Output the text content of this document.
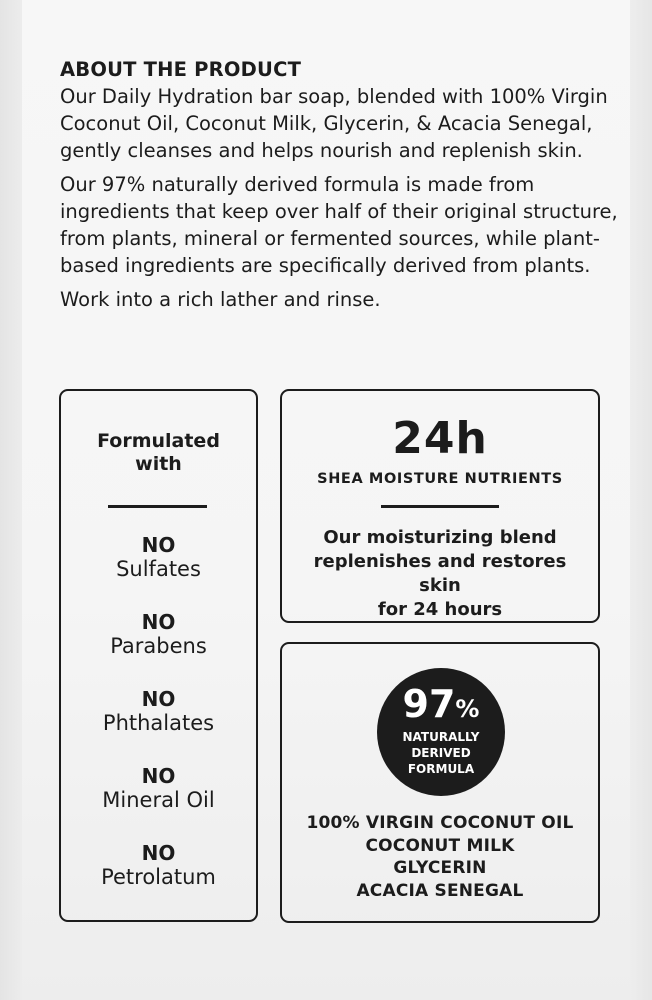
ABOUT THE PRODUCT

Our Daily Hydration bar soap, blended with 100% Virgin Coconut Oil, Coconut Milk, Glycerin, & Acacia Senegal, gently cleanses and helps nourish and replenish skin.

Our 97% naturally derived formula is made from ingredients that keep over half of their original structure, from plants, mineral or fermented sources, while plant-based ingredients are specifically derived from plants.

Work into a rich lather and rinse.

Formulated
with
NO
Sulfates
NO
Parabens
NO
Phthalates
NO
Mineral Oil
NO
Petrolatum
24h
SHEA MOISTURE NUTRIENTS
Our moisturizing blend
replenishes and restores skin
for 24 hours
97%
NATURALLY
DERIVED
FORMULA
100% VIRGIN COCONUT OIL
COCONUT MILK
GLYCERIN
ACACIA SENEGAL
